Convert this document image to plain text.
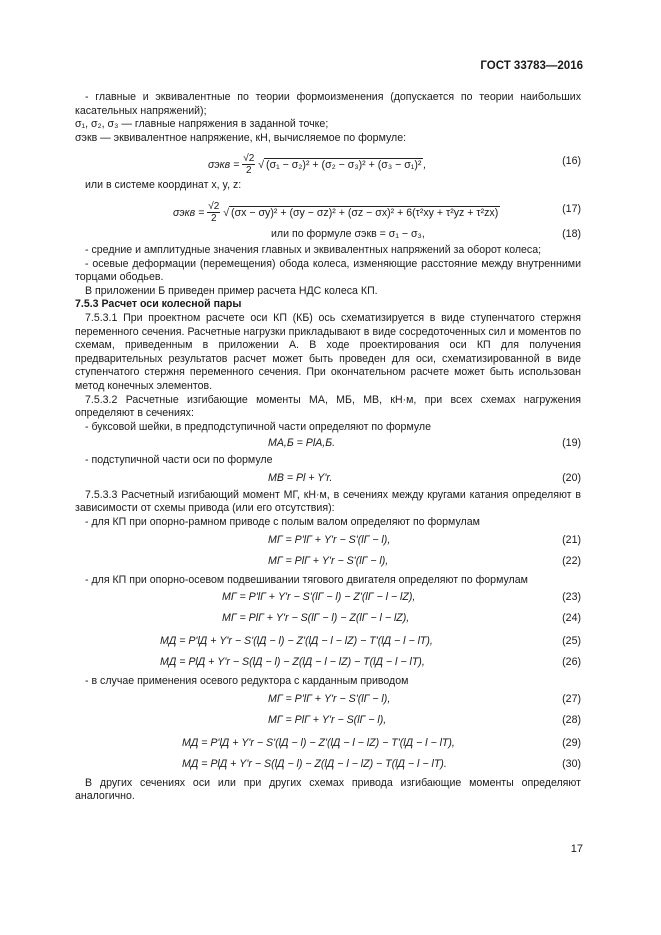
ГОСТ 33783—2016

- главные и эквивалентные по теории формоизменения (допускается по теории наибольших касательных напряжений);

σ₁, σ₂, σ₃ — главные напряжения в заданной точке;

σэкв — эквивалентное напряжение, кН, вычисляемое по формуле:

$\sigma экв = \frac{√2}{2}$ √ (σ₁ − σ₂)² + (σ₂ − σ₃)² + (σ₃ − σ₁)² ,	(16)

или в системе координат x, y, z:

$\sigma экв = \frac{√2}{2}$ √ (σx − σy)² + (σy − σz)² + (σz − σx)² + 6(τ²xy + τ²yz + τ²zx)	(17)
или по формуле σэкв = σ₁ − σ₃,	(18)

- средние и амплитудные значения главных и эквивалентных напряжений за оборот колеса;

- осевые деформации (перемещения) обода колеса, изменяющие расстояние между внутренними торцами ободьев.

В приложении Б приведен пример расчета НДС колеса КП.

7.5.3 Расчет оси колесной пары

7.5.3.1 При проектном расчете оси КП (КБ) ось схематизируется в виде ступенчатого стержня переменного сечения. Расчетные нагрузки прикладывают в виде сосредоточенных сил и моментов по схемам, приведенным в приложении А. В ходе проектирования оси КП для получения предварительных результатов расчет может быть проведен для оси, схематизированной в виде ступенчатого стержня переменного сечения. При окончательном расчете может быть использован метод конечных элементов.

7.5.3.2 Расчетные изгибающие моменты MА, MБ, MВ, кН·м, при всех схемах нагружения определяют в сечениях:

- буксовой шейки, в предподступичной части определяют по формуле

MА,Б = PlА,Б.	(19)

- подступичной части оси по формуле

MВ = Pl + Y'r.	(20)

7.5.3.3 Расчетный изгибающий момент MГ, кН·м, в сечениях между кругами катания определяют в зависимости от схемы привода (или его отсутствия):

- для КП при опорно-рамном приводе с полым валом определяют по формулам

MГ = P'lГ + Y'r − S'(lГ − l),	(21)
MГ = PlГ + Y'r − S'(lГ − l),	(22)

- для КП при опорно-осевом подвешивании тягового двигателя определяют по формулам

MГ = P'lГ + Y'r − S'(lГ − l) − Z'(lГ − l − lZ),	(23)
MГ = PlГ + Y'r − S(lГ − l) − Z(lГ − l − lZ),	(24)
MД = P'lД + Y'r − S'(lД − l) − Z'(lД − l − lZ) − T'(lД − l − lT),	(25)
MД = PlД + Y'r − S(lД − l) − Z(lД − l − lZ) − T(lД − l − lT),	(26)

- в случае применения осевого редуктора с карданным приводом

MГ = P'lГ + Y'r − S'(lГ − l),	(27)
MГ = PlГ + Y'r − S(lГ − l),	(28)
MД = P'lД + Y'r − S'(lД − l) − Z'(lД − l − lZ) − T'(lД − l − lT),	(29)
MД = PlД + Y'r − S(lД − l) − Z(lД − l − lZ) − T(lД − l − lT).	(30)

В других сечениях оси или при других схемах привода изгибающие моменты определяют аналогично.

17
